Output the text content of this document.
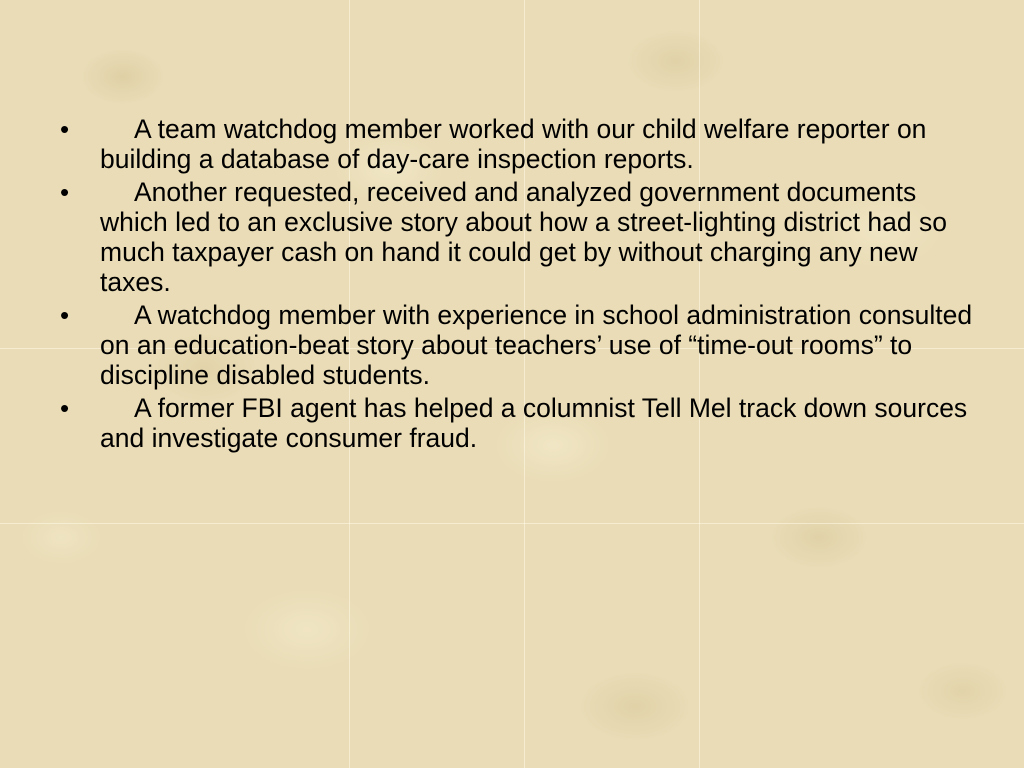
•	A team watchdog member worked with our child welfare reporter on building a database of day-care inspection reports.
•	Another requested, received and analyzed government documents which led to an exclusive story about how a street-lighting district had so much taxpayer cash on hand it could get by without charging any new taxes.
•	A watchdog member with experience in school administration consulted on an education-beat story about teachers’ use of “time-out rooms” to discipline disabled students.
•	A former FBI agent has helped a columnist Tell Mel track down sources and investigate consumer fraud.
